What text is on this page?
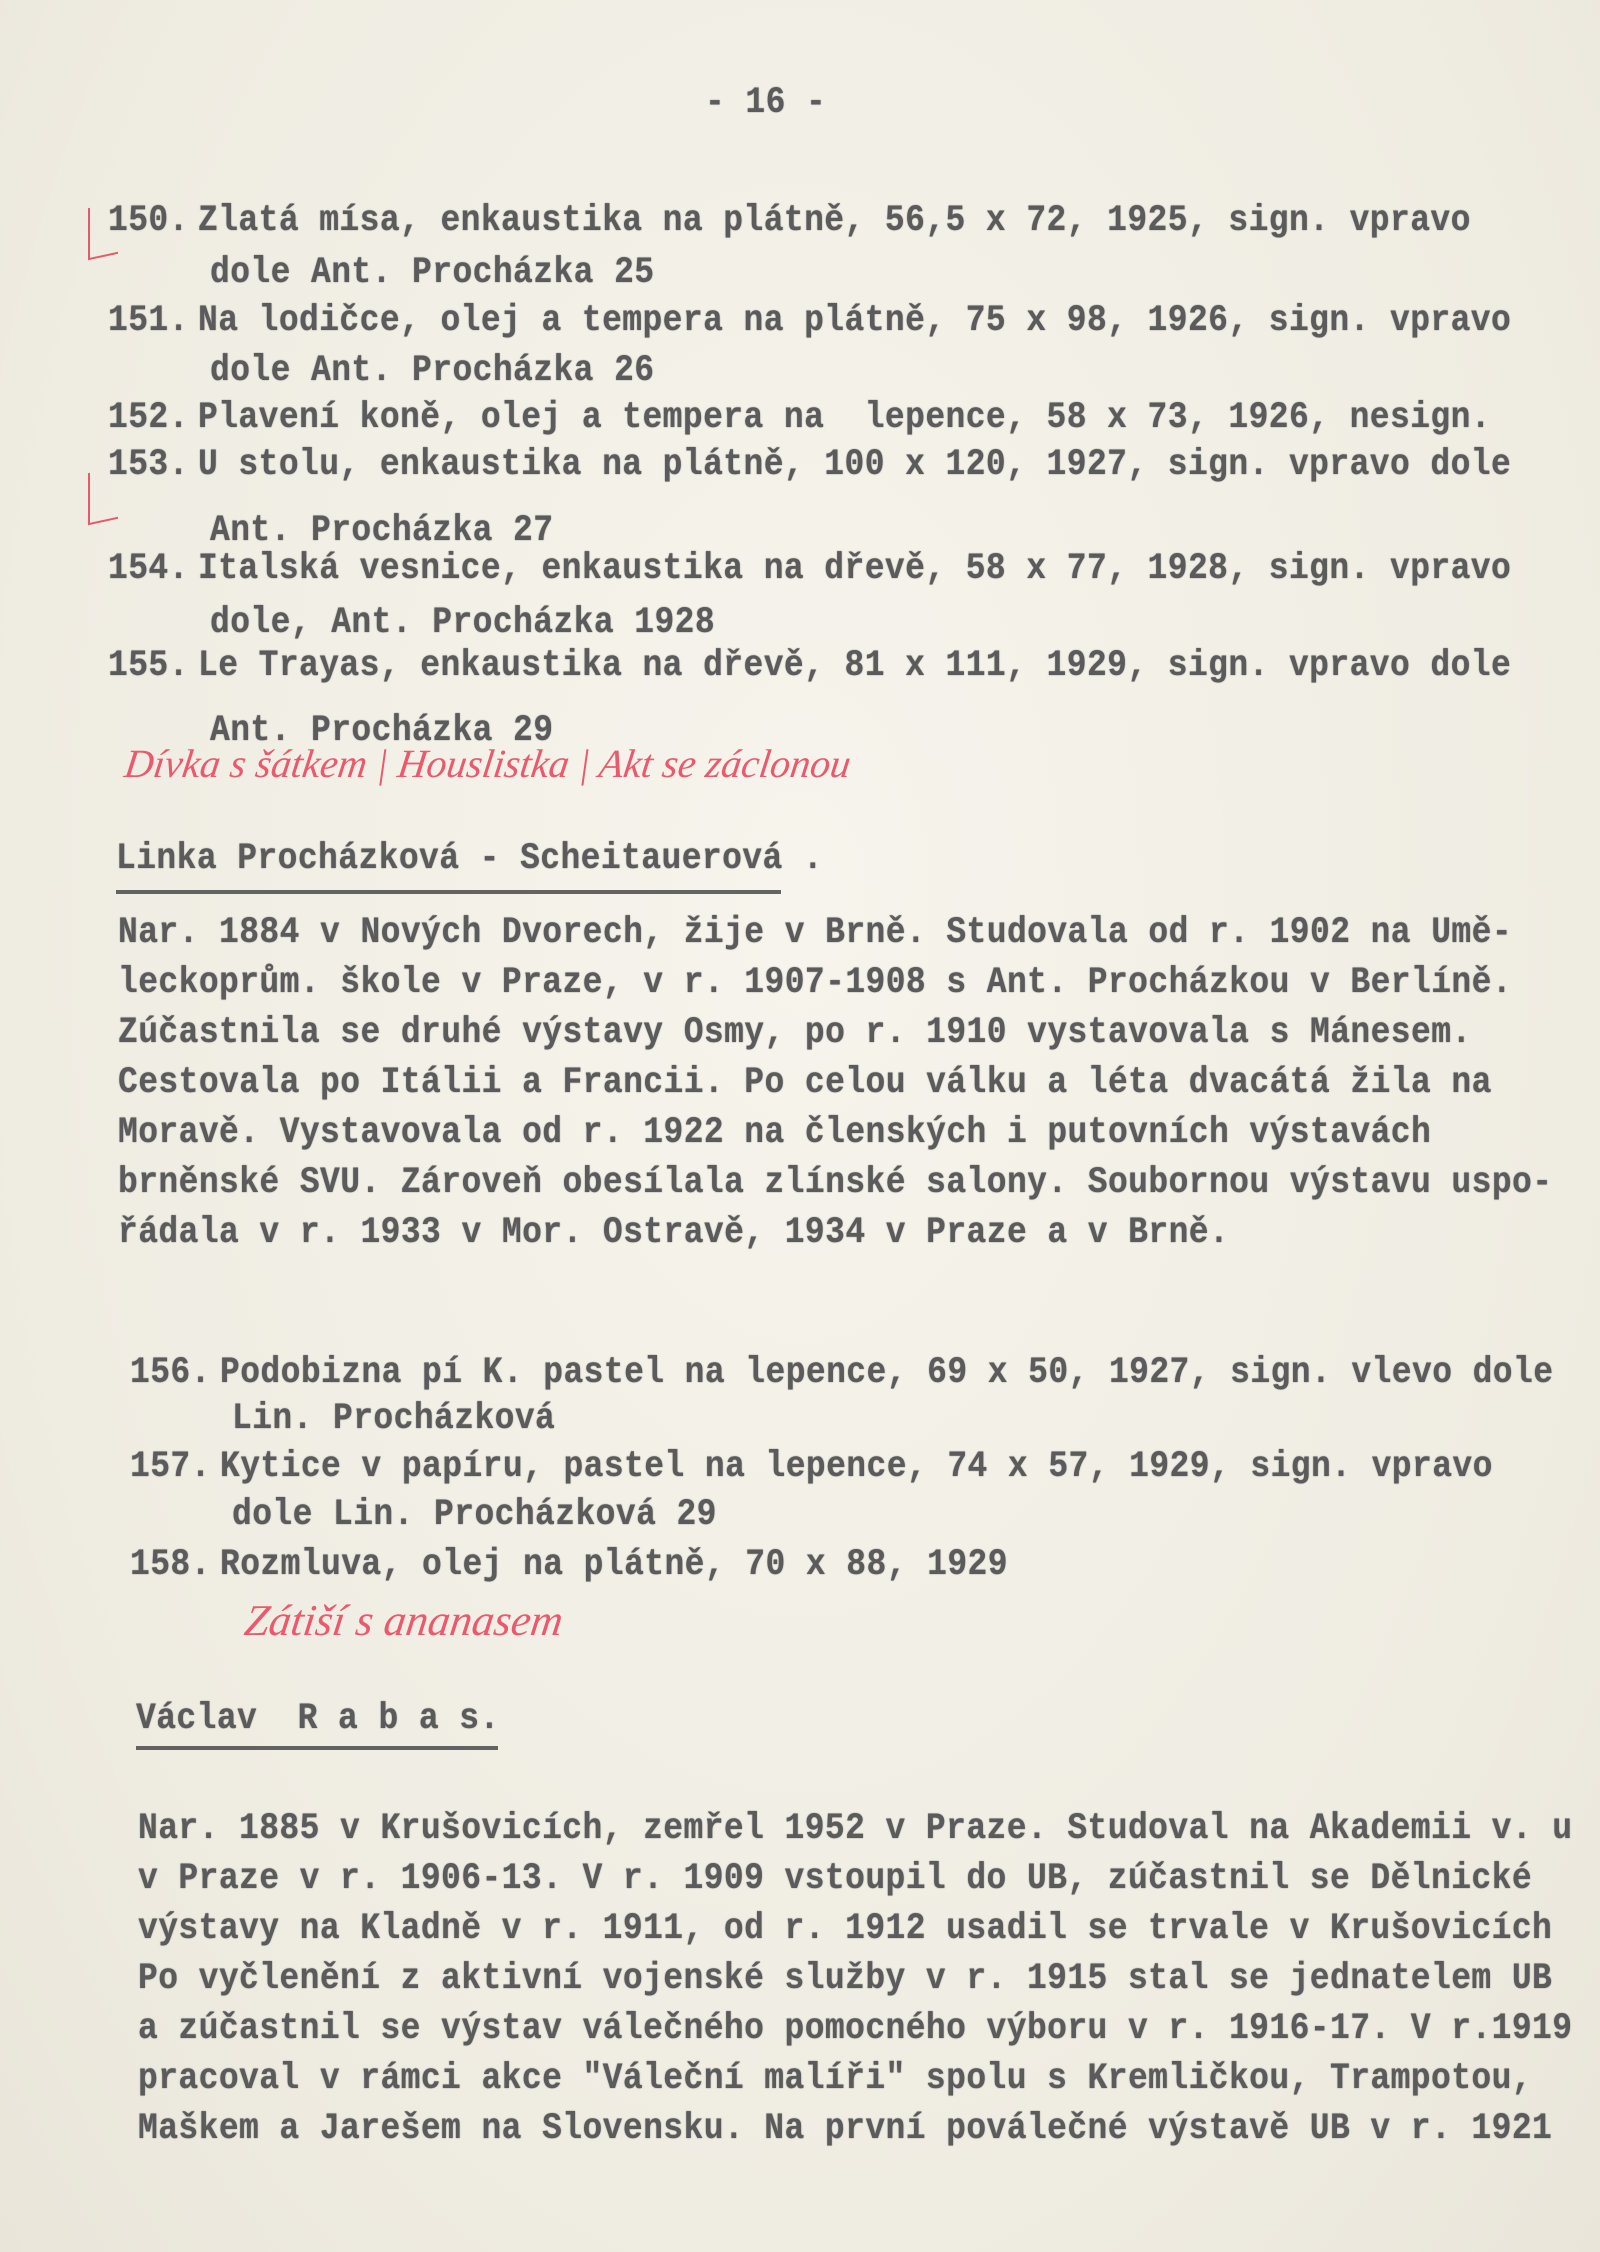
- 16 -
150. Zlatá mísa, enkaustika na plátně, 56,5 x 72, 1925, sign. vpravo
dole Ant. Procházka 25
151. Na lodičce, olej a tempera na plátně, 75 x 98, 1926, sign. vpravo
dole Ant. Procházka 26
152. Plavení koně, olej a tempera na  lepence, 58 x 73, 1926, nesign.
153. U stolu, enkaustika na plátně, 100 x 120, 1927, sign. vpravo dole
Ant. Procházka 27
154. Italská vesnice, enkaustika na dřevě, 58 x 77, 1928, sign. vpravo
dole, Ant. Procházka 1928
155. Le Trayas, enkaustika na dřevě, 81 x 111, 1929, sign. vpravo dole
Ant. Procházka 29
Dívka s šátkem | Houslistka | Akt se záclonou
Linka Procházková - Scheitauerová .
Nar. 1884 v Nových Dvorech, žije v Brně. Studovala od r. 1902 na Umě-
leckoprům. škole v Praze, v r. 1907-1908 s Ant. Procházkou v Berlíně.
Zúčastnila se druhé výstavy Osmy, po r. 1910 vystavovala s Mánesem.
Cestovala po Itálii a Francii. Po celou válku a léta dvacátá žila na
Moravě. Vystavovala od r. 1922 na členských i putovních výstavách
brněnské SVU. Zároveň obesílala zlínské salony. Soubornou výstavu uspo-
řádala v r. 1933 v Mor. Ostravě, 1934 v Praze a v Brně.
156. Podobizna pí K. pastel na lepence, 69 x 50, 1927, sign. vlevo dole
Lin. Procházková
157. Kytice v papíru, pastel na lepence, 74 x 57, 1929, sign. vpravo
dole Lin. Procházková 29
158. Rozmluva, olej na plátně, 70 x 88, 1929
Zátiší s ananasem
Václav  R a b a s.
Nar. 1885 v Krušovicích, zemřel 1952 v Praze. Studoval na Akademii v. u
v Praze v r. 1906-13. V r. 1909 vstoupil do UB, zúčastnil se Dělnické
výstavy na Kladně v r. 1911, od r. 1912 usadil se trvale v Krušovicích
Po vyčlenění z aktivní vojenské služby v r. 1915 stal se jednatelem UB
a zúčastnil se výstav válečného pomocného výboru v r. 1916-17. V r.1919
pracoval v rámci akce "Váleční malíři" spolu s Kremličkou, Trampotou,
Maškem a Jarešem na Slovensku. Na první poválečné výstavě UB v r. 1921
